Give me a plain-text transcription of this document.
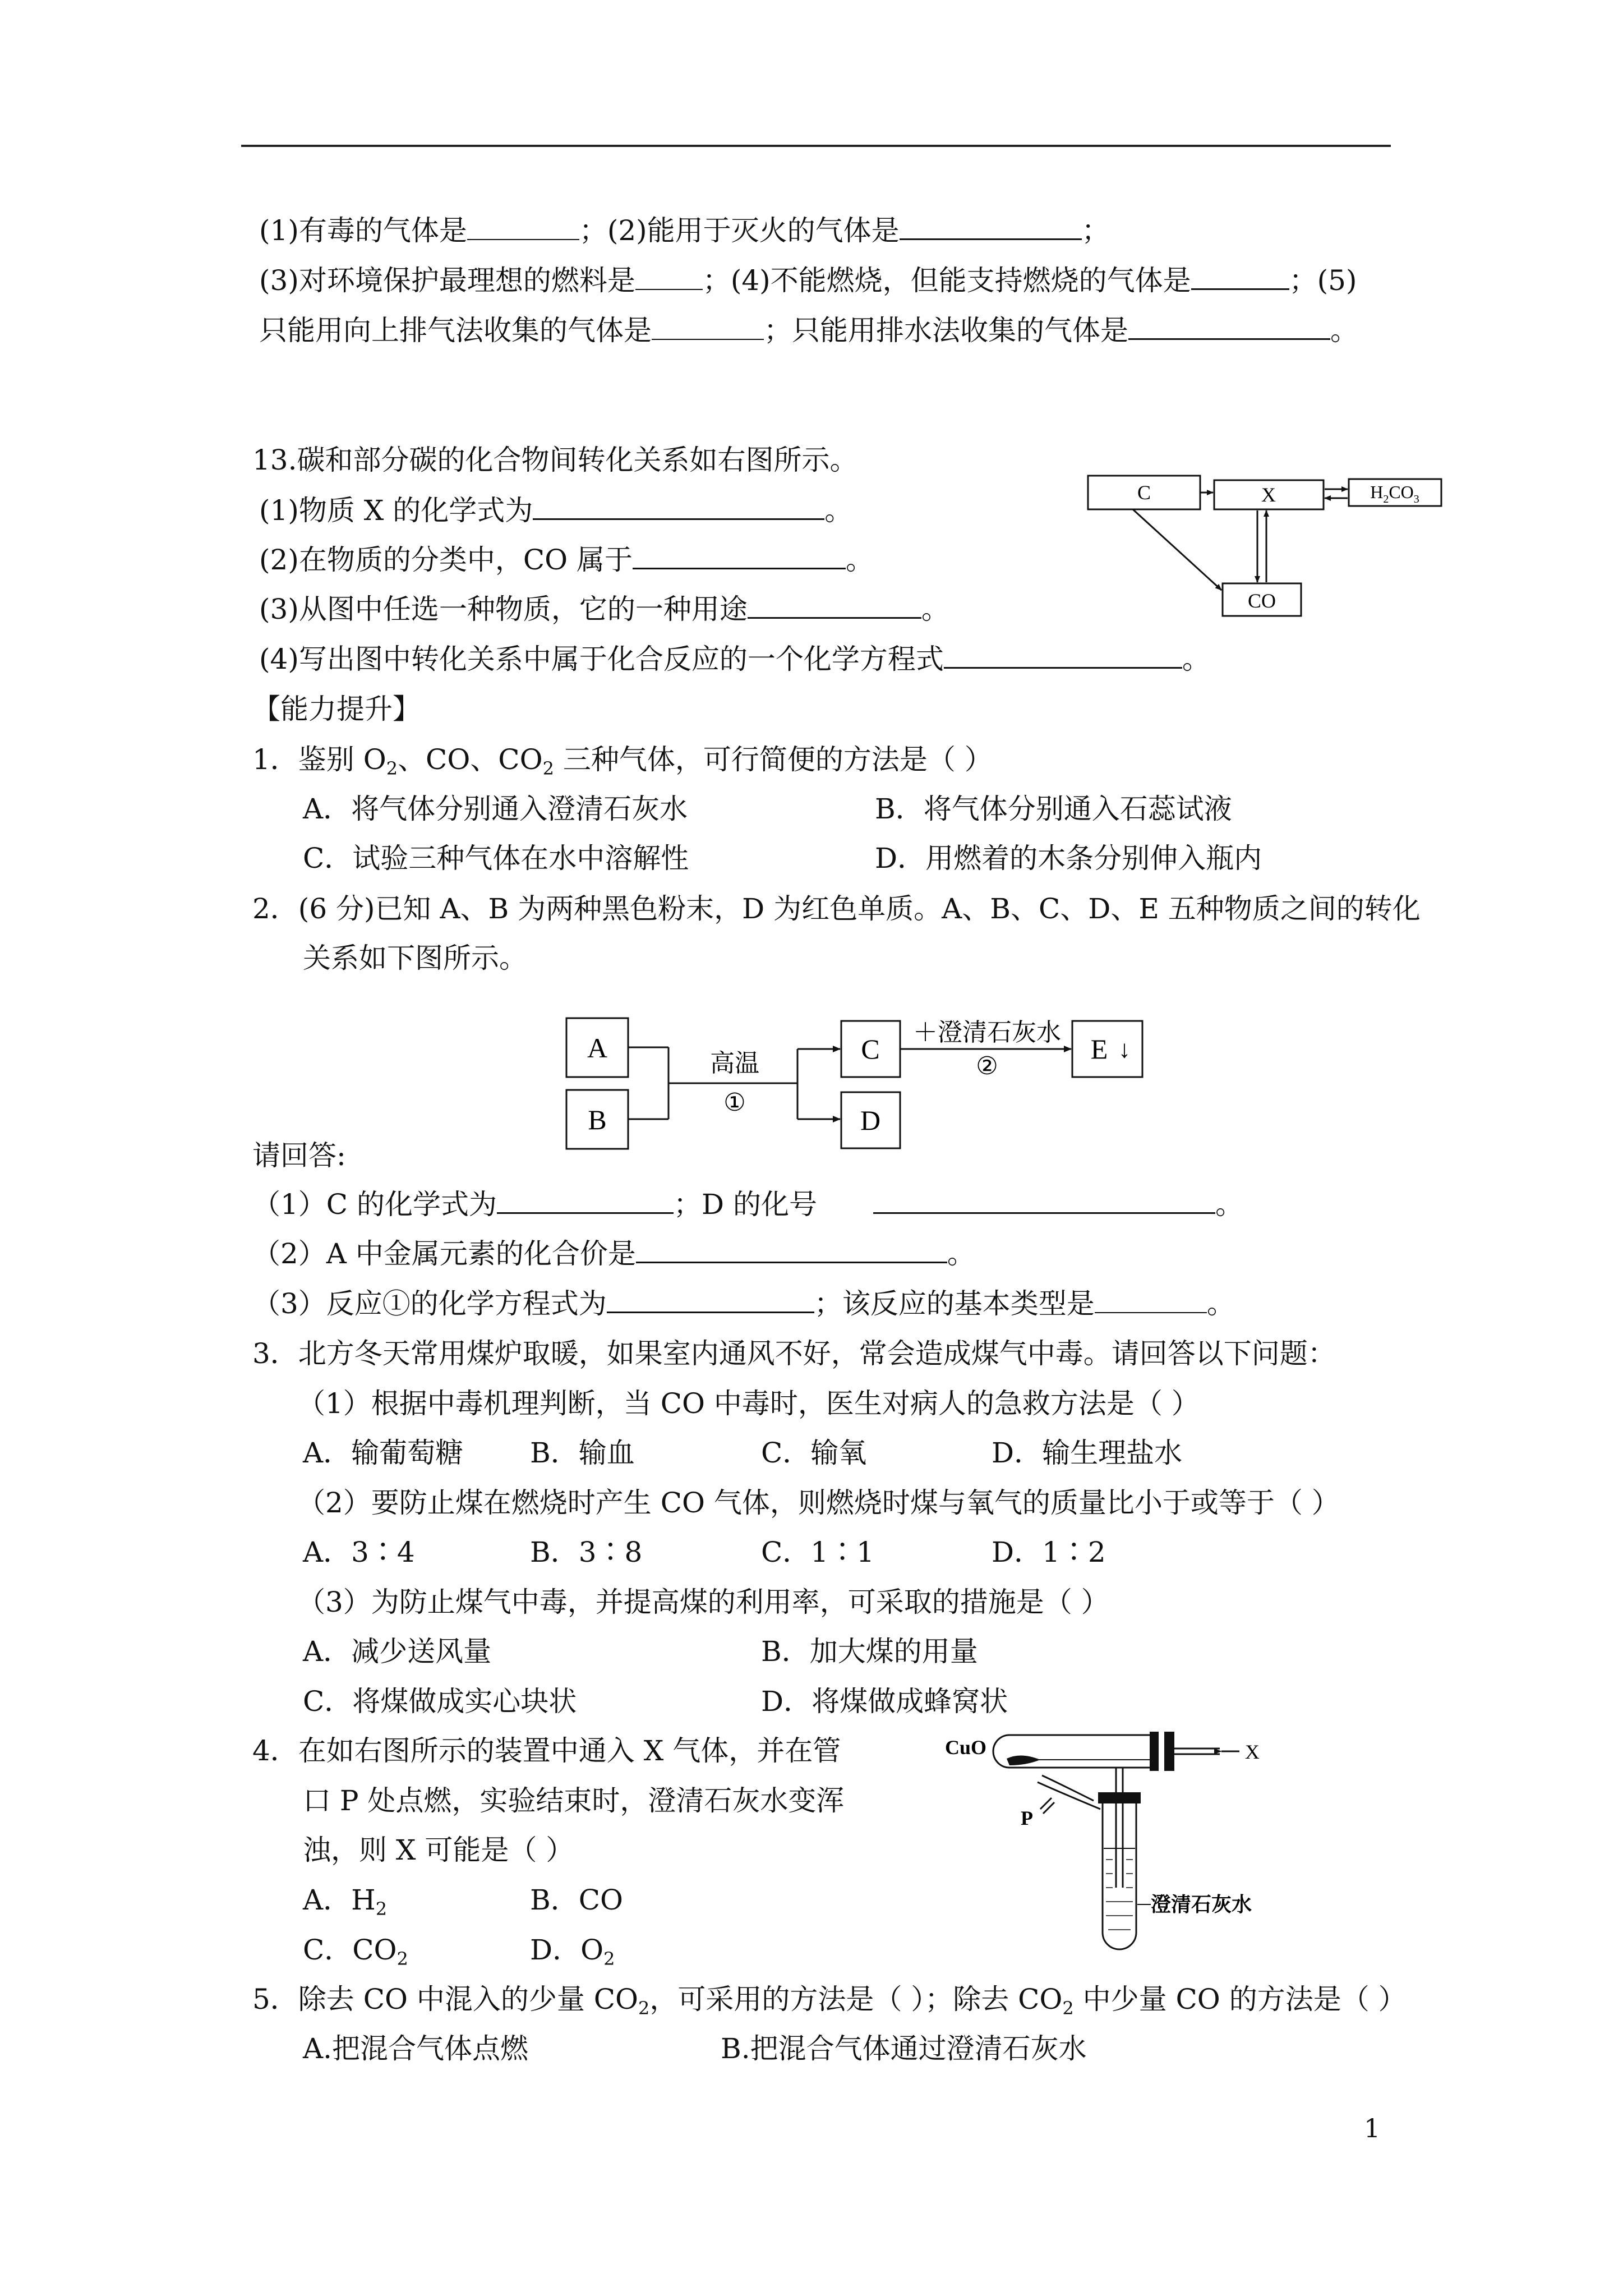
(1)有毒的气体是	；(2)能用于灭火的气体是	；
(3)对环境保护最理想的燃料是 ；(4)不能燃烧，但能支持燃烧的气体是	；(5)
只能用向上排气法收集的气体是	；只能用排水法收集的气体是	。
13.碳和部分碳的化合物间转化关系如右图所示。
(1)物质 X 的化学式为	。
(2)在物质的分类中，CO 属于	。
(3)从图中任选一种物质，它的一种用途	。
(4)写出图中转化关系中属于化合反应的一个化学方程式	。
C	X	$H_2CO_3$
CO
【能力提升】
1．鉴别 $O_2$、CO、$CO_2$ 三种气体，可行简便的方法是（ ）
A．将气体分别通入澄清石灰水	B．将气体分别通入石蕊试液
C．试验三种气体在水中溶解性	D．用燃着的木条分别伸入瓶内
2．(6 分)已知 A、B 为两种黑色粉末，D 为红色单质。A、B、C、D、E 五种物质之间的转化
关系如下图所示。
A
B
C
D
E ↓
高温
①
＋澄清石灰水
②
请回答:
（1）C 的化学式为	；D 的化号	。
（2）A 中金属元素的化合价是	。
（3）反应①的化学方程式为	；该反应的基本类型是	。
3．北方冬天常用煤炉取暖，如果室内通风不好，常会造成煤气中毒。请回答以下问题：
（1）根据中毒机理判断，当 CO 中毒时，医生对病人的急救方法是（ ）
A．输葡萄糖 B．输血	C．输氧	D．输生理盐水
（2）要防止煤在燃烧时产生 CO 气体，则燃烧时煤与氧气的质量比小于或等于（ ）
A．3∶4	B．3∶8	C．1∶1	D．1∶2
（3）为防止煤气中毒，并提高煤的利用率，可采取的措施是（ ）
A．减少送风量	B．加大煤的用量
C．将煤做成实心块状	D．将煤做成蜂窝状
4．在如右图所示的装置中通入 X 气体，并在管
口 P 处点燃，实验结束时，澄清石灰水变浑
浊，则 X 可能是（ ）
A．$H_2$	B．CO
C．$CO_2$	D．$O_2$
CuO	X
P
澄清石灰水
5．除去 CO 中混入的少量 $CO_2$，可采用的方法是（ ）；除去 $CO_2$ 中少量 CO 的方法是（ ）
A.把混合气体点燃	B.把混合气体通过澄清石灰水
1
